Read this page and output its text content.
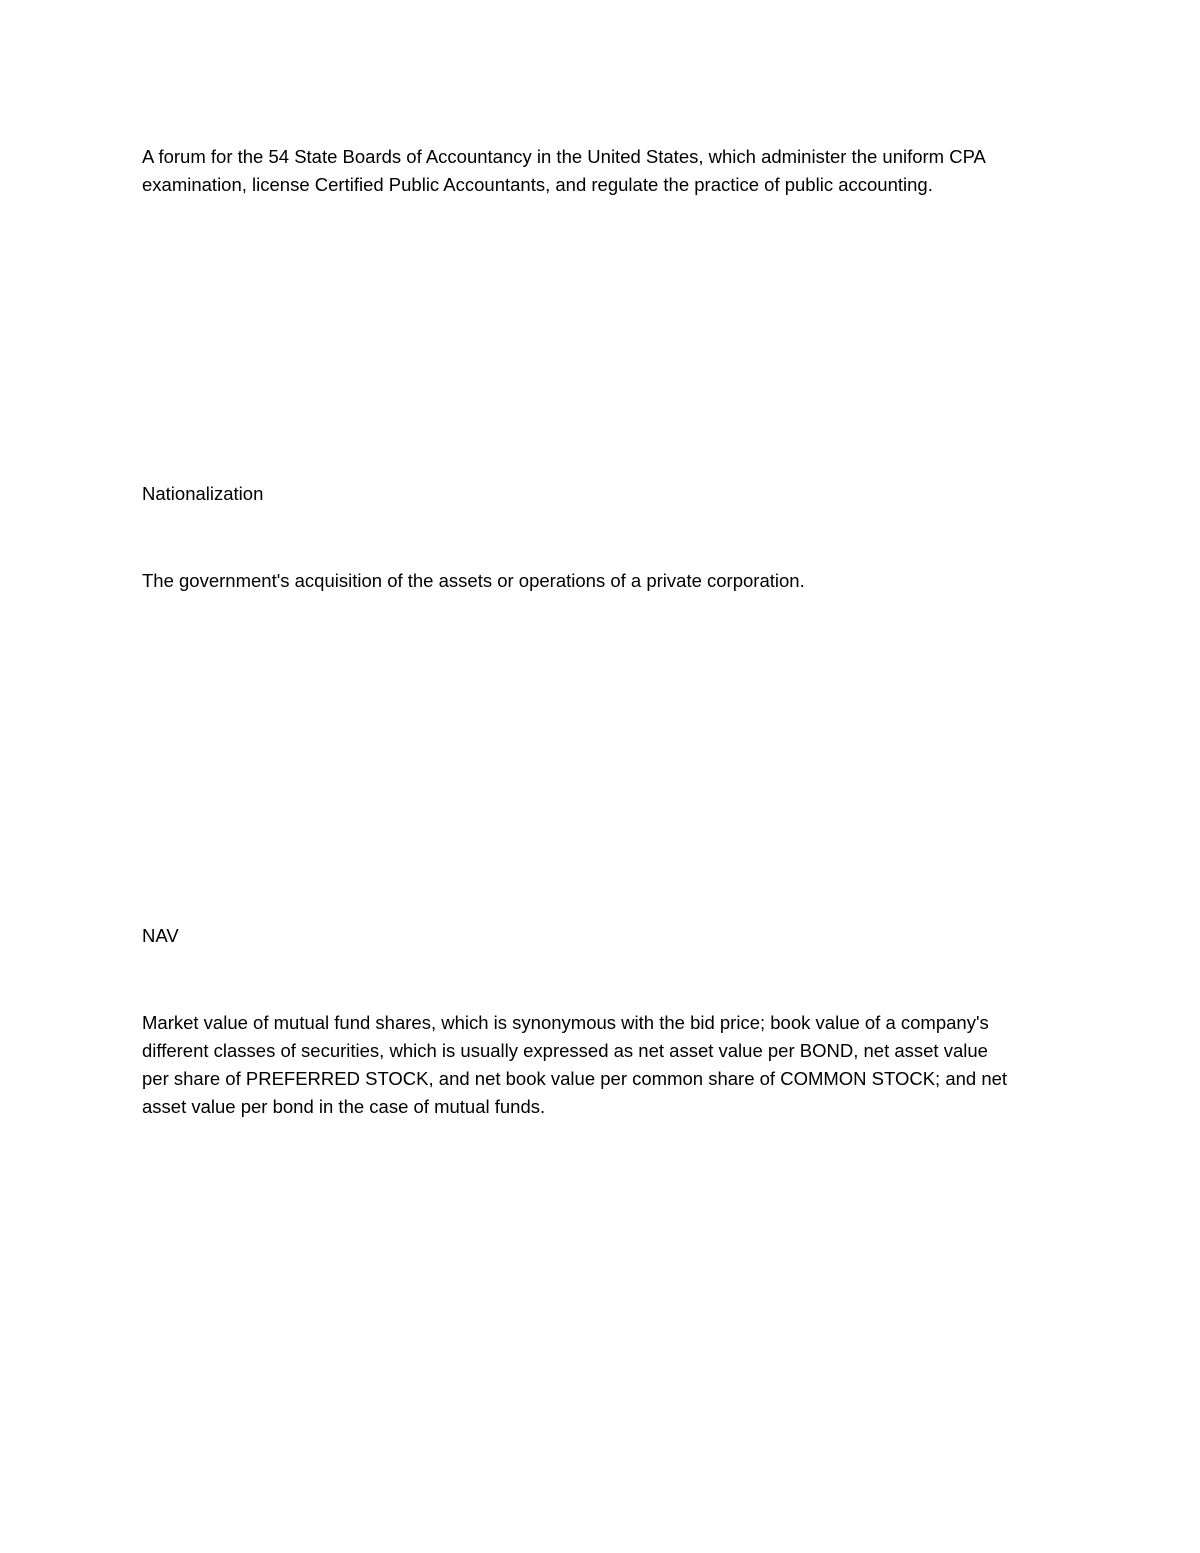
A forum for the 54 State Boards of Accountancy in the United States, which administer the uniform CPA
examination, license Certified Public Accountants, and regulate the practice of public accounting.

Nationalization

The government's acquisition of the assets or operations of a private corporation.

NAV

Market value of mutual fund shares, which is synonymous with the bid price; book value of a company's
different classes of securities, which is usually expressed as net asset value per BOND, net asset value
per share of PREFERRED STOCK, and net book value per common share of COMMON STOCK; and net
asset value per bond in the case of mutual funds.
